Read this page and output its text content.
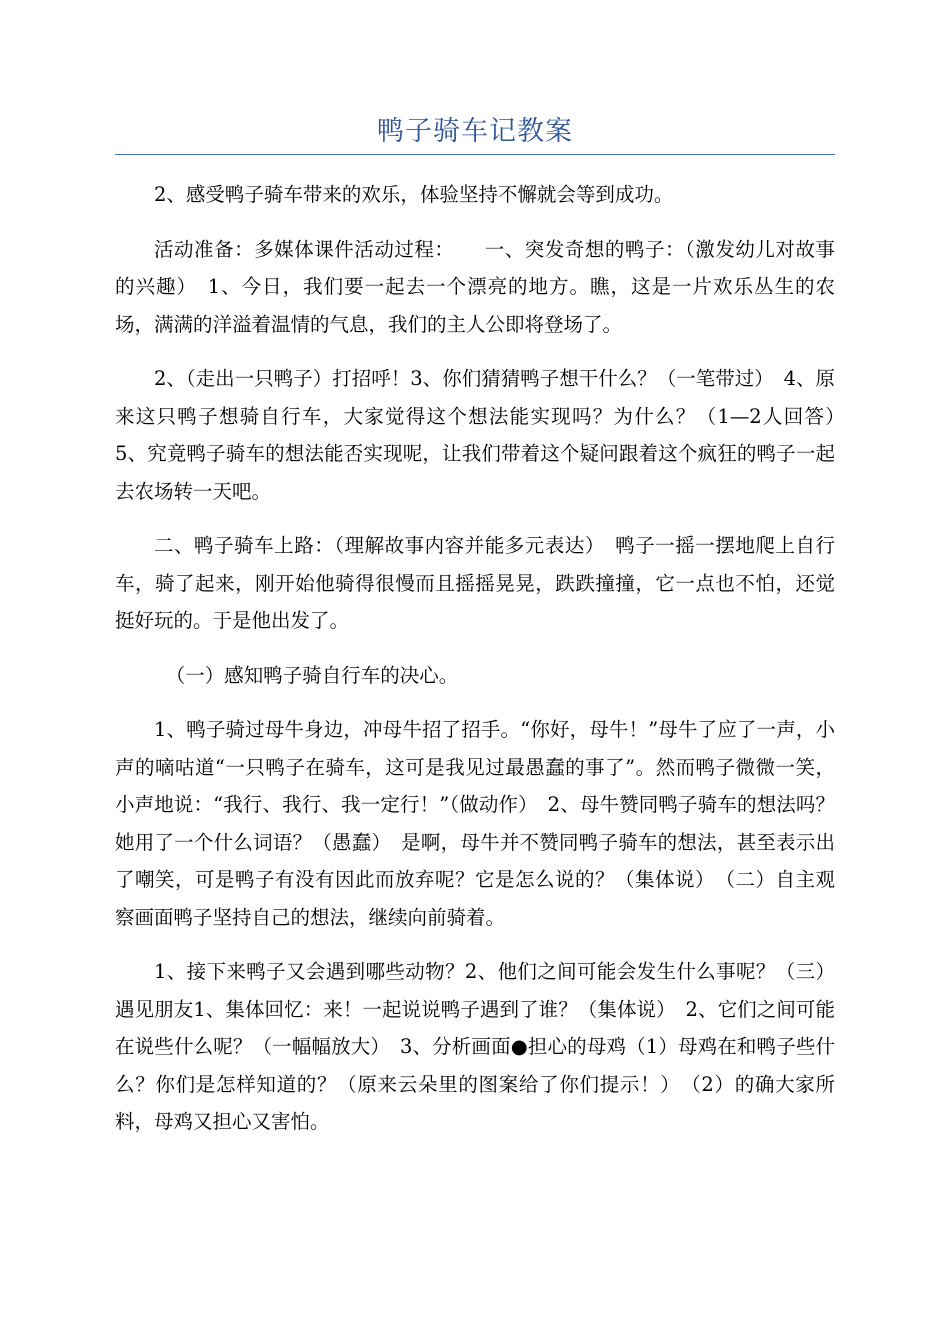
鸭子骑车记教案

2、感受鸭子骑车带来的欢乐，体验坚持不懈就会等到成功。

活动准备：多媒体课件活动过程：　　一、突发奇想的鸭子：（激发幼儿对故事的兴趣）　1、今日，我们要一起去一个漂亮的地方。瞧，这是一片欢乐丛生的农场，满满的洋溢着温情的气息，我们的主人公即将登场了。

2、（走出一只鸭子）打招呼！3、你们猜猜鸭子想干什么？（一笔带过）　4、原来这只鸭子想骑自行车，大家觉得这个想法能实现吗？为什么？（1—2人回答）　5、究竟鸭子骑车的想法能否实现呢，让我们带着这个疑问跟着这个疯狂的鸭子一起去农场转一天吧。

二、鸭子骑车上路：（理解故事内容并能多元表达）　鸭子一摇一摆地爬上自行车，骑了起来，刚开始他骑得很慢而且摇摇晃晃，跌跌撞撞，它一点也不怕，还觉挺好玩的。于是他出发了。

（一）感知鸭子骑自行车的决心。

1、鸭子骑过母牛身边，冲母牛招了招手。“你好，母牛！”母牛了应了一声，小声的嘀咕道“一只鸭子在骑车，这可是我见过最愚蠢的事了”。然而鸭子微微一笑，小声地说：“我行、我行、我一定行！”（做动作）　2、母牛赞同鸭子骑车的想法吗？她用了一个什么词语？（愚蠢）　是啊，母牛并不赞同鸭子骑车的想法，甚至表示出了嘲笑，可是鸭子有没有因此而放弃呢？它是怎么说的？（集体说）　（二）自主观察画面鸭子坚持自己的想法，继续向前骑着。

1、接下来鸭子又会遇到哪些动物？2、他们之间可能会发生什么事呢？（三）遇见朋友1、集体回忆：来！一起说说鸭子遇到了谁？（集体说）　2、它们之间可能在说些什么呢？（一幅幅放大）　3、分析画面●担心的母鸡（1）母鸡在和鸭子些什么？你们是怎样知道的？（原来云朵里的图案给了你们提示！）　（2）的确大家所料，母鸡又担心又害怕。
